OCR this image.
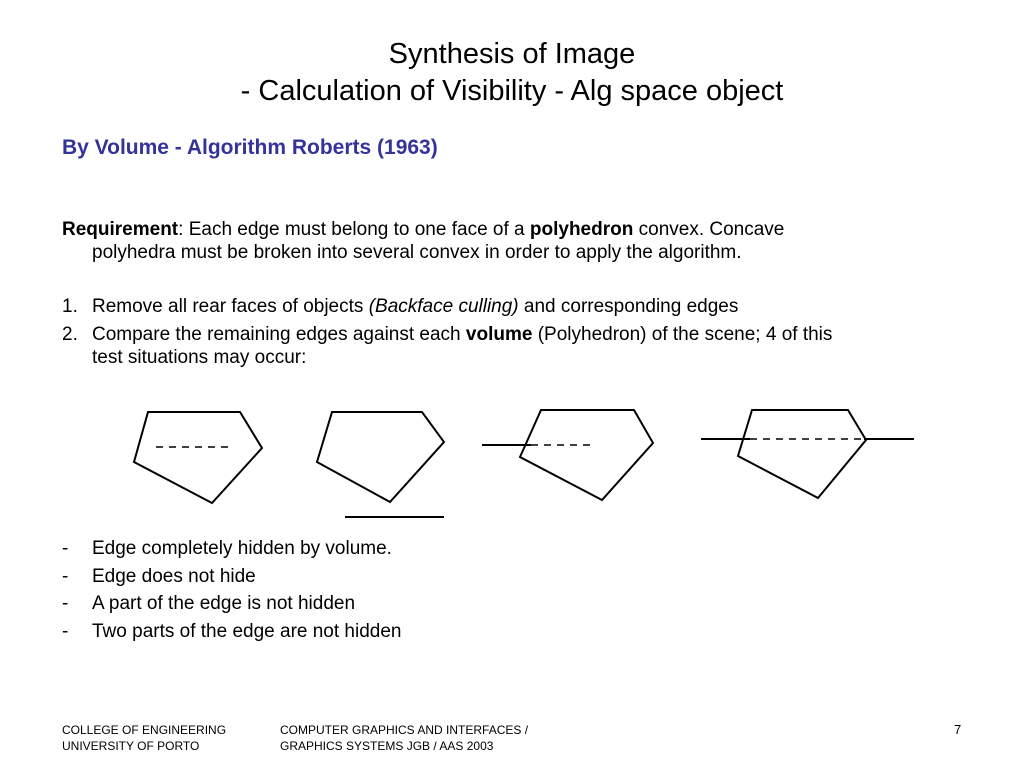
Synthesis of Image
- Calculation of Visibility - Alg space object
By Volume - Algorithm Roberts (1963)
Requirement: Each edge must belong to one face of a polyhedron convex. Concave
polyhedra must be broken into several convex in order to apply the algorithm.
1. Remove all rear faces of objects (Backface culling) and corresponding edges
2. Compare the remaining edges against each volume (Polyhedron) of the scene; 4 of this
test situations may occur:
-	Edge completely hidden by volume.
-	Edge does not hide
-	A part of the edge is not hidden
-	Two parts of the edge are not hidden
COLLEGE OF ENGINEERING
UNIVERSITY OF PORTO
COMPUTER GRAPHICS AND INTERFACES /
GRAPHICS SYSTEMS JGB / AAS 2003
7
